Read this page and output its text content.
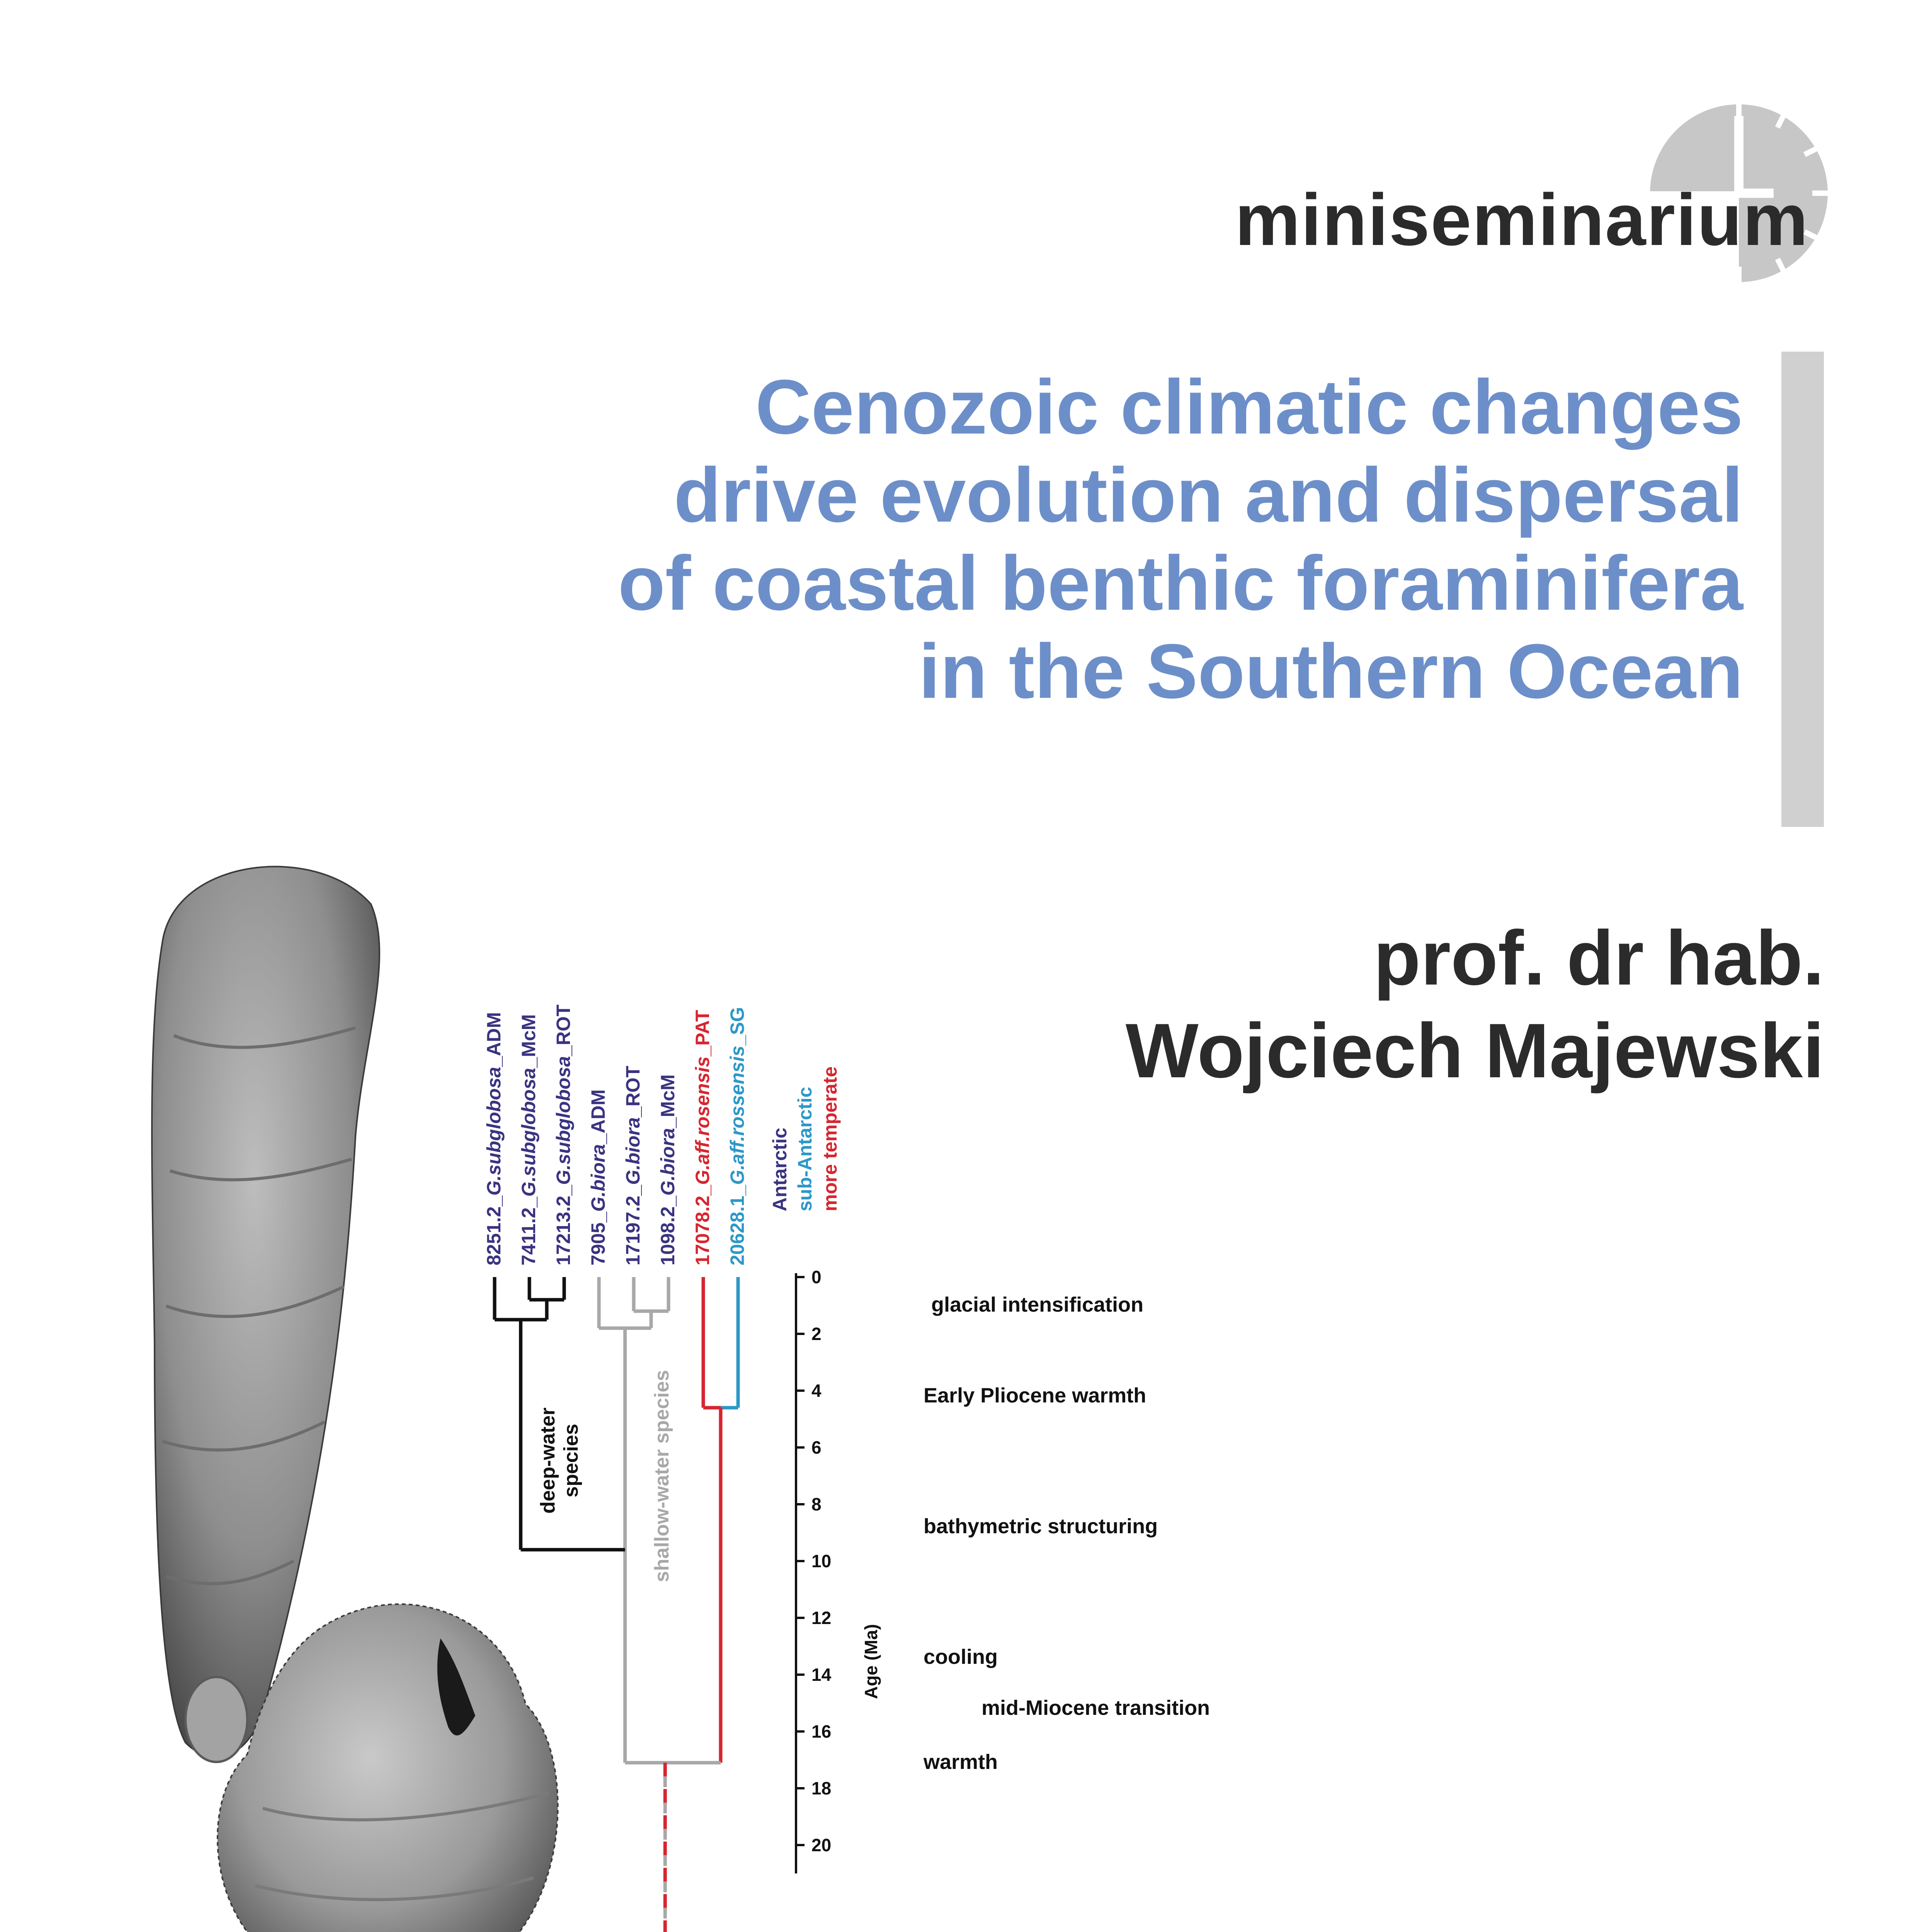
miniseminarium
Cenozoic climatic changes
drive evolution and dispersal
of coastal benthic foraminifera
in the Southern Ocean
prof. dr hab.
Wojciech Majewski
8251.2_G.subglobosa_ADM
7411.2_G.subglobosa_McM
17213.2_G.subglobosa_ROT
7905_G.biora_ADM
17197.2_G.biora_ROT
1098.2_G.biora_McM
17078.2_G.aff.rosensis_PAT
20628.1_G.aff.rossensis_SG
Antarctic sub-Antarctic more temperate
deep-water species	shallow-water species
0
2
4
6
8
10
12
14
16
18
20
Age (Ma)
glacial intensification
Early Pliocene warmth
bathymetric structuring
cooling
mid-Miocene transition
warmth
